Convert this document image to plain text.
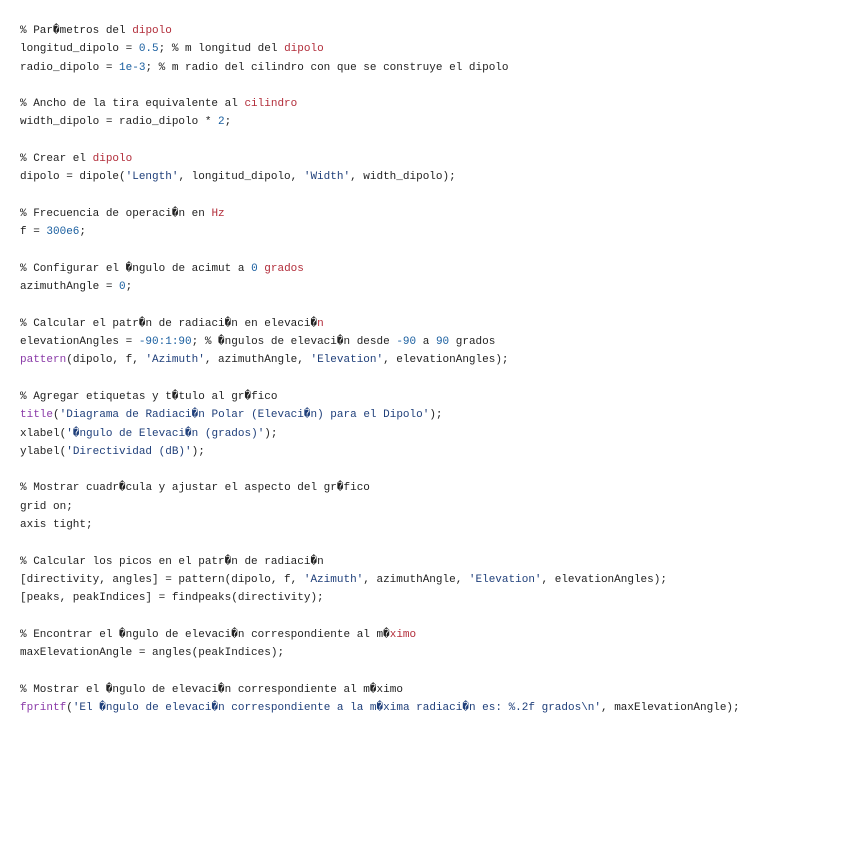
% Par�metros del dipolo
longitud_dipolo = 0.5; % m longitud del dipolo
radio_dipolo = 1e-3; % m radio del cilindro con que se construye el dipolo
% Ancho de la tira equivalente al cilindro
width_dipolo = radio_dipolo * 2;
% Crear el dipolo
dipolo = dipole('Length', longitud_dipolo, 'Width', width_dipolo);
% Frecuencia de operaci�n en Hz
f = 300e6;
% Configurar el �ngulo de acimut a 0 grados
azimuthAngle = 0;
% Calcular el patr�n de radiaci�n en elevaci�n
elevationAngles = -90:1:90; % �ngulos de elevaci�n desde -90 a 90 grados
pattern(dipolo, f, 'Azimuth', azimuthAngle, 'Elevation', elevationAngles);
% Agregar etiquetas y t�tulo al gr�fico
title('Diagrama de Radiaci�n Polar (Elevaci�n) para el Dipolo');
xlabel('�ngulo de Elevaci�n (grados)');
ylabel('Directividad (dB)');
% Mostrar cuadr�cula y ajustar el aspecto del gr�fico
grid on;
axis tight;
% Calcular los picos en el patr�n de radiaci�n
[directivity, angles] = pattern(dipolo, f, 'Azimuth', azimuthAngle, 'Elevation', elevationAngles);
[peaks, peakIndices] = findpeaks(directivity);
% Encontrar el �ngulo de elevaci�n correspondiente al m�ximo
maxElevationAngle = angles(peakIndices);
% Mostrar el �ngulo de elevaci�n correspondiente al m�ximo
fprintf('El �ngulo de elevaci�n correspondiente a la m�xima radiaci�n es: %.2f grados\n', maxElevationAngle);
